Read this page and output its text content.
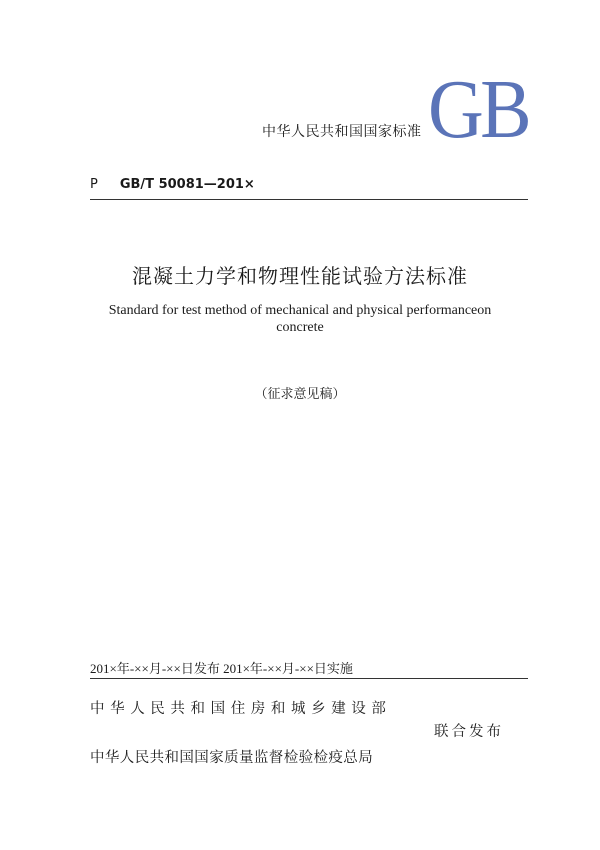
中华人民共和国国家标准 GB
P GB/T 50081—201×
混凝土力学和物理性能试验方法标准
Standard for test method of mechanical and physical performanceon
concrete
（征求意见稿）
201×年-××月-××日发布 201×年-××月-××日实施
中华人民共和国住房和城乡建设部
联合发布
中华人民共和国国家质量监督检验检疫总局
